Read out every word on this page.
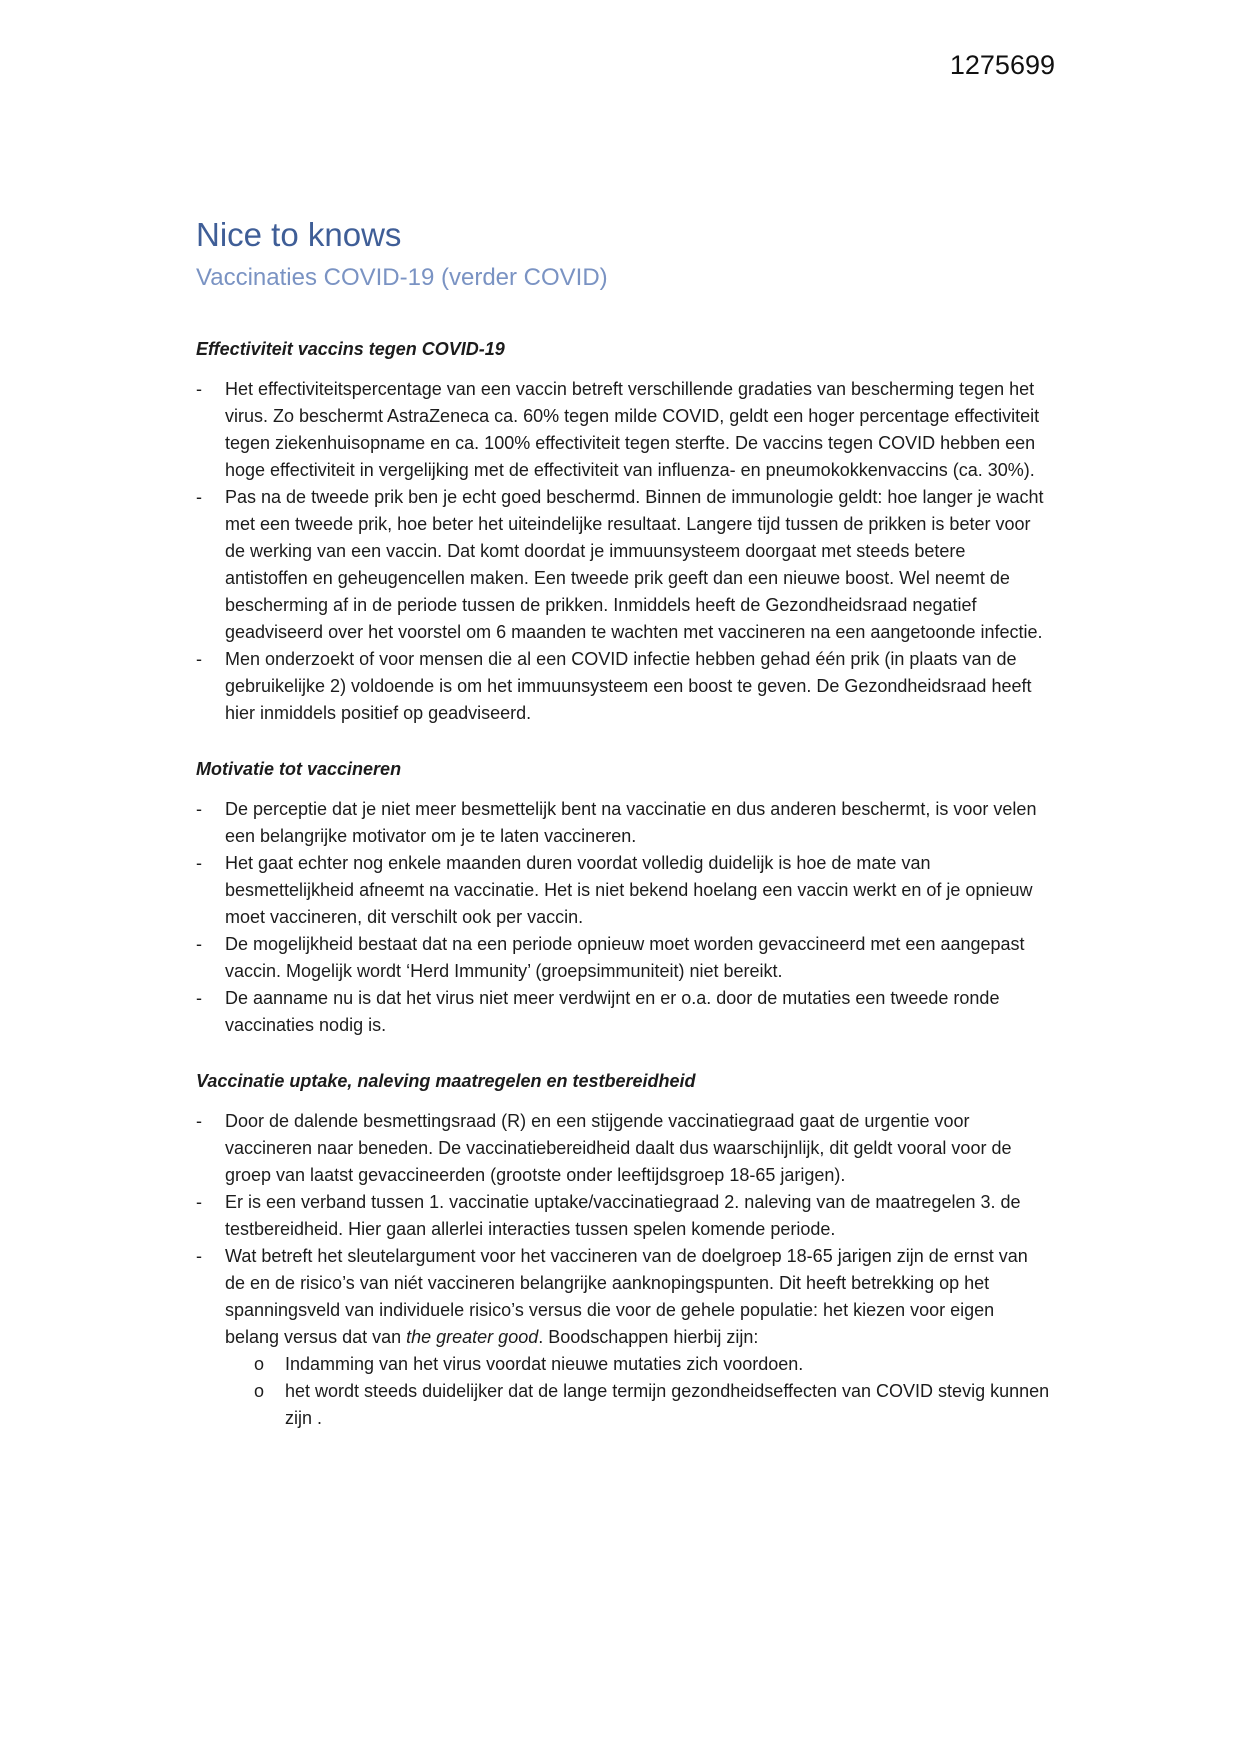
1275699
Nice to knows
Vaccinaties COVID-19 (verder COVID)
Effectiviteit vaccins tegen COVID-19
-	Het effectiviteitspercentage van een vaccin betreft verschillende gradaties van bescherming tegen het virus. Zo beschermt AstraZeneca ca. 60% tegen milde COVID, geldt een hoger percentage effectiviteit tegen ziekenhuisopname en ca. 100% effectiviteit tegen sterfte. De vaccins tegen COVID hebben een hoge effectiviteit in vergelijking met de effectiviteit van influenza- en pneumokokkenvaccins (ca. 30%).
-	Pas na de tweede prik ben je echt goed beschermd. Binnen de immunologie geldt: hoe langer je wacht met een tweede prik, hoe beter het uiteindelijke resultaat. Langere tijd tussen de prikken is beter voor de werking van een vaccin. Dat komt doordat je immuunsysteem doorgaat met steeds betere antistoffen en geheugencellen maken. Een tweede prik geeft dan een nieuwe boost. Wel neemt de bescherming af in de periode tussen de prikken. Inmiddels heeft de Gezondheidsraad negatief geadviseerd over het voorstel om 6 maanden te wachten met vaccineren na een aangetoonde infectie.
-	Men onderzoekt of voor mensen die al een COVID infectie hebben gehad één prik (in plaats van de gebruikelijke 2) voldoende is om het immuunsysteem een boost te geven. De Gezondheidsraad heeft hier inmiddels positief op geadviseerd.
Motivatie tot vaccineren
-	De perceptie dat je niet meer besmettelijk bent na vaccinatie en dus anderen beschermt, is voor velen een belangrijke motivator om je te laten vaccineren.
-	Het gaat echter nog enkele maanden duren voordat volledig duidelijk is hoe de mate van besmettelijkheid afneemt na vaccinatie. Het is niet bekend hoelang een vaccin werkt en of je opnieuw moet vaccineren, dit verschilt ook per vaccin.
-	De mogelijkheid bestaat dat na een periode opnieuw moet worden gevaccineerd met een aangepast vaccin. Mogelijk wordt ‘Herd Immunity’ (groepsimmuniteit) niet bereikt.
-	De aanname nu is dat het virus niet meer verdwijnt en er o.a. door de mutaties een tweede ronde vaccinaties nodig is.
Vaccinatie uptake, naleving maatregelen en testbereidheid
-	Door de dalende besmettingsraad (R) en een stijgende vaccinatiegraad gaat de urgentie voor vaccineren naar beneden. De vaccinatiebereidheid daalt dus waarschijnlijk, dit geldt vooral voor de groep van laatst gevaccineerden (grootste onder leeftijdsgroep 18-65 jarigen).
-	Er is een verband tussen 1. vaccinatie uptake/vaccinatiegraad 2. naleving van de maatregelen 3. de testbereidheid. Hier gaan allerlei interacties tussen spelen komende periode.
-	Wat betreft het sleutelargument voor het vaccineren van de doelgroep 18-65 jarigen zijn de ernst van de en de risico’s van niét vaccineren belangrijke aanknopingspunten. Dit heeft betrekking op het spanningsveld van individuele risico’s versus die voor de gehele populatie: het kiezen voor eigen belang versus dat van the greater good. Boodschappen hierbij zijn:
o	Indamming van het virus voordat nieuwe mutaties zich voordoen.
o	het wordt steeds duidelijker dat de lange termijn gezondheidseffecten van COVID stevig kunnen zijn .
